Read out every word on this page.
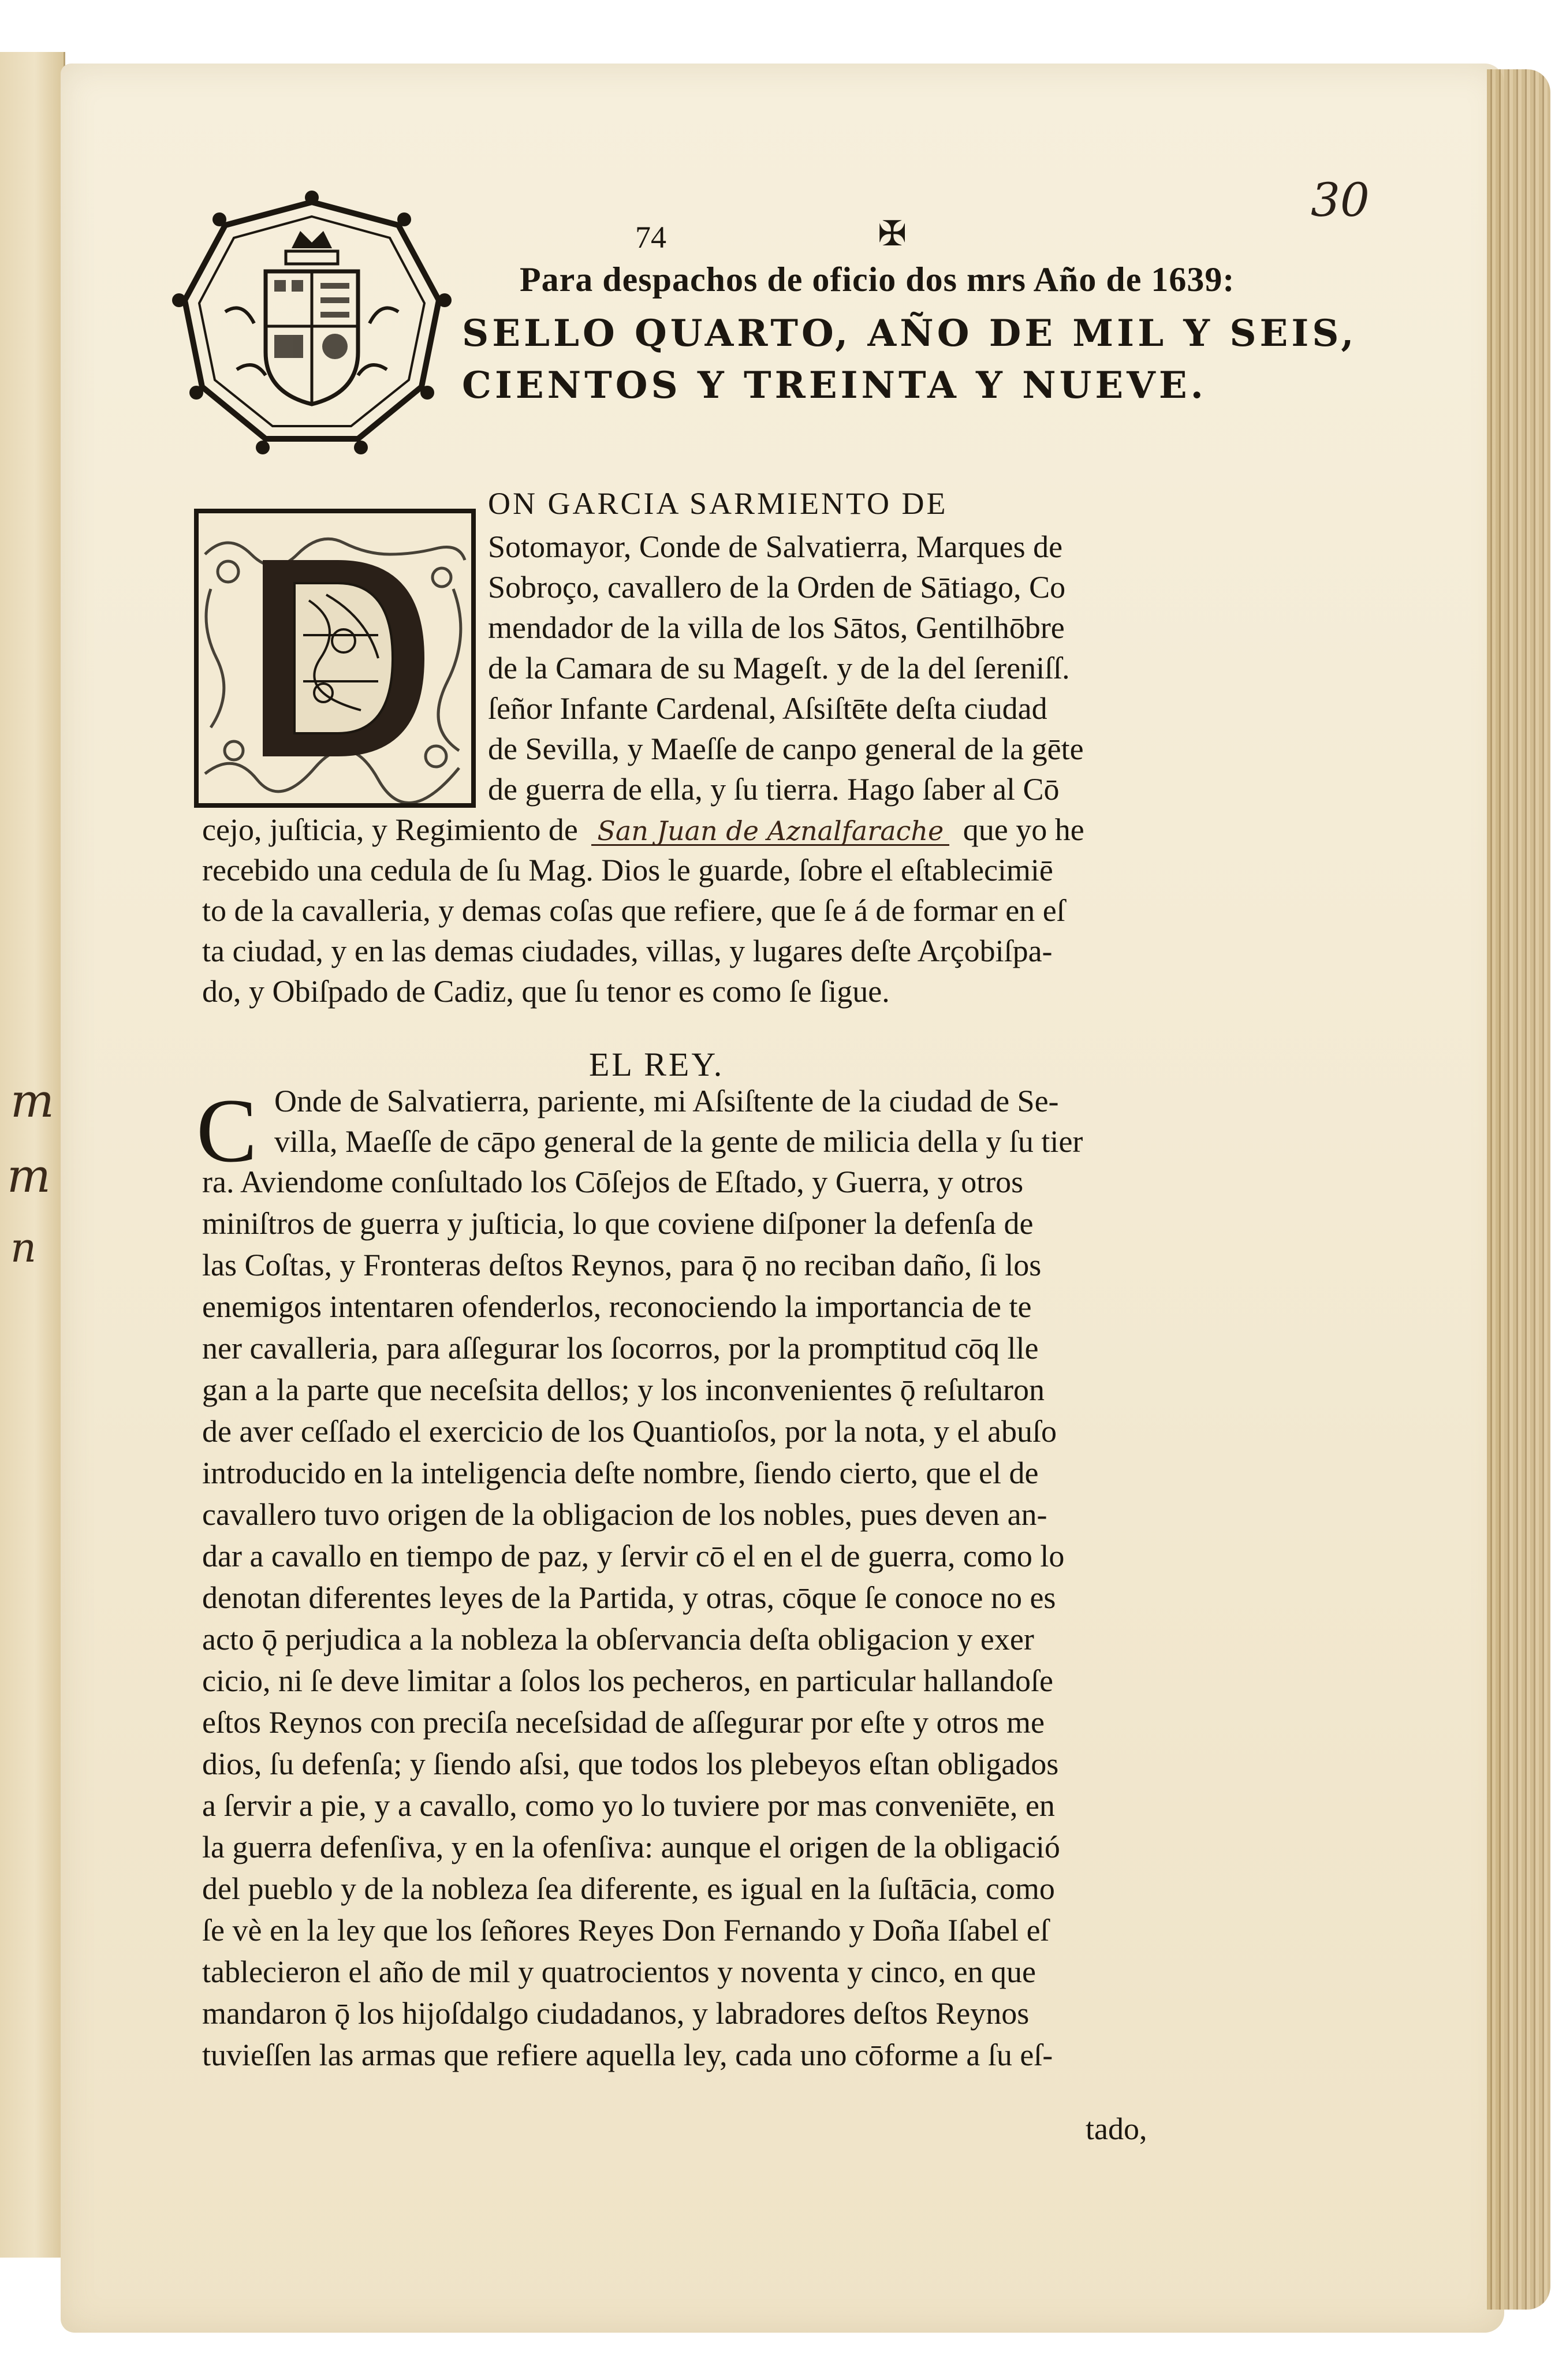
m
m
n
30
74	✠
Para despachos de oficio dos mrs Año de 1639:
SELLO QUARTO, AÑO DE MIL Y SEIS,
CIENTOS Y TREINTA Y NUEVE.
ON GARCIA SARMIENTO DE
Sotomayor, Conde de Salvatierra, Marques de
Sobroço, cavallero de la Orden de Sātiago, Co
mendador de la villa de los Sātos, Gentilhōbre
de la Camara de su Mageſt. y de la del ſereniſſ.
ſeñor Infante Cardenal, Aſsiſtēte deſta ciudad
de Sevilla, y Maeſſe de canpo general de la gēte
de guerra de ella, y ſu tierra. Hago ſaber al Cō
cejo, juſticia, y Regimiento de San Juan de Aznalfarache que yo he
recebido una cedula de ſu Mag. Dios le guarde, ſobre el eſtablecimiē
to de la cavalleria, y demas coſas que refiere, que ſe á de formar en eſ
ta ciudad, y en las demas ciudades, villas, y lugares deſte Arçobiſpa-
do, y Obiſpado de Cadiz, que ſu tenor es como ſe ſigue.
EL REY.
C Onde de Salvatierra, pariente, mi Aſsiſtente de la ciudad de Se-
villa, Maeſſe de cāpo general de la gente de milicia della y ſu tier
ra. Aviendome conſultado los Cōſejos de Eſtado, y Guerra, y otros
miniſtros de guerra y juſticia, lo que coviene diſponer la defenſa de
las Coſtas, y Fronteras deſtos Reynos, para ǭ no reciban daño, ſi los
enemigos intentaren ofenderlos, reconociendo la importancia de te
ner cavalleria, para aſſegurar los ſocorros, por la promptitud cōq lle
gan a la parte que neceſsita dellos; y los inconvenientes ǭ reſultaron
de aver ceſſado el exercicio de los Quantioſos, por la nota, y el abuſo
introducido en la inteligencia deſte nombre, ſiendo cierto, que el de
cavallero tuvo origen de la obligacion de los nobles, pues deven an-
dar a cavallo en tiempo de paz, y ſervir cō el en el de guerra, como lo
denotan diferentes leyes de la Partida, y otras, cōque ſe conoce no es
acto ǭ perjudica a la nobleza la obſervancia deſta obligacion y exer
cicio, ni ſe deve limitar a ſolos los pecheros, en particular hallandoſe
eſtos Reynos con preciſa neceſsidad de aſſegurar por eſte y otros me
dios, ſu defenſa; y ſiendo aſsi, que todos los plebeyos eſtan obligados
a ſervir a pie, y a cavallo, como yo lo tuviere por mas conveniēte, en
la guerra defenſiva, y en la ofenſiva: aunque el origen de la obligació
del pueblo y de la nobleza ſea diferente, es igual en la ſuſtācia, como
ſe vè en la ley que los ſeñores Reyes Don Fernando y Doña Iſabel eſ
tablecieron el año de mil y quatrocientos y noventa y cinco, en que
mandaron ǭ los hijoſdalgo ciudadanos, y labradores deſtos Reynos
tuvieſſen las armas que refiere aquella ley, cada uno cōforme a ſu eſ-
tado,
